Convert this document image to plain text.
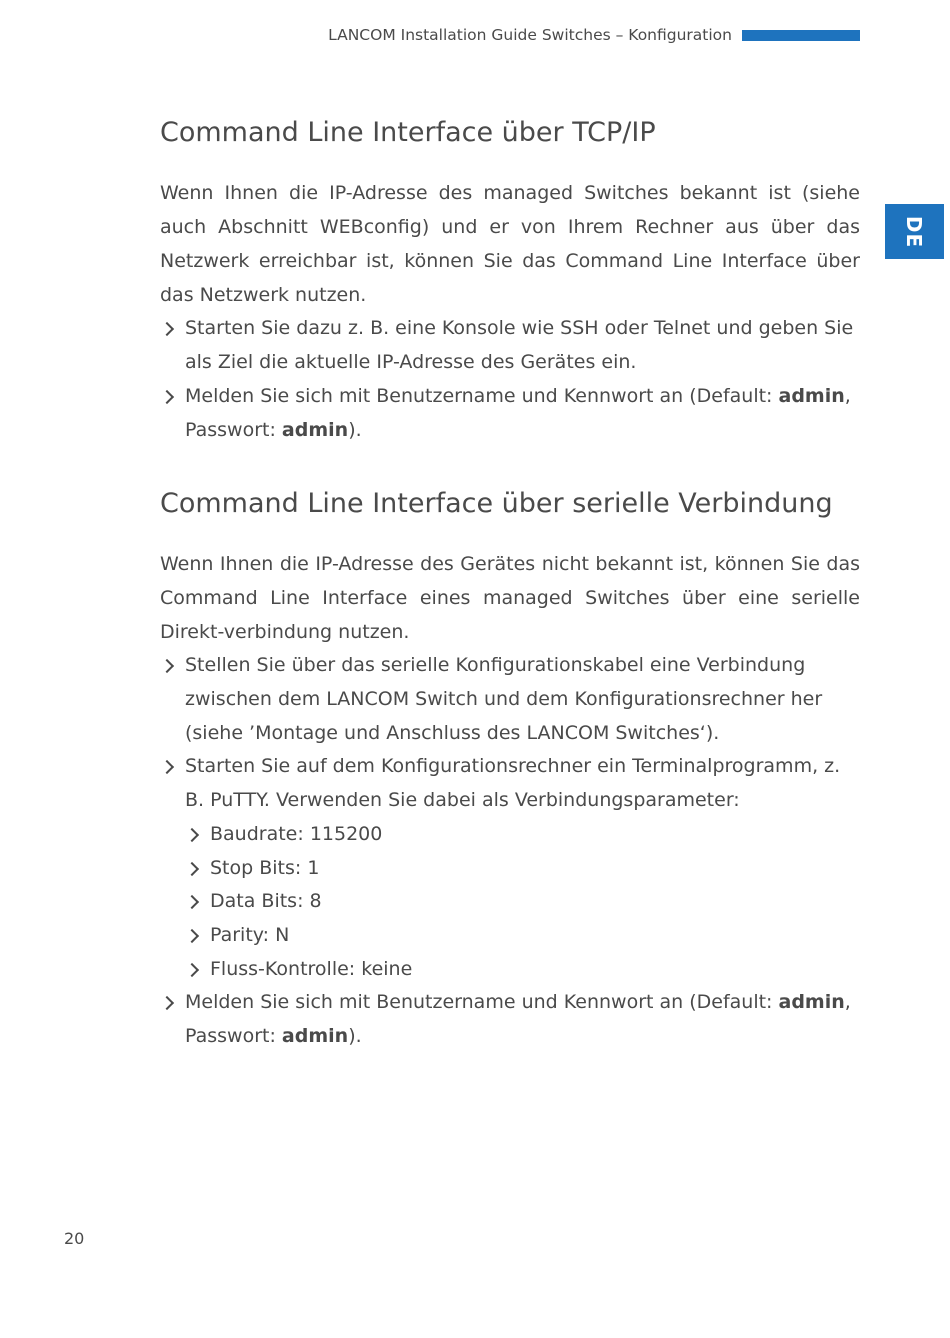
LANCOM Installation Guide Switches – Konfiguration
DE
Command Line Interface über TCP/IP

Wenn Ihnen die IP-Adresse des managed Switches bekannt ist (siehe auch Abschnitt WEBconfig) und er von Ihrem Rechner aus über das Netzwerk erreichbar ist, können Sie das Command Line Interface über das Netzwerk nutzen.

Starten Sie dazu z. B. eine Konsole wie SSH oder Telnet und geben Sie als Ziel die aktuelle IP-Adresse des Gerätes ein.
Melden Sie sich mit Benutzername und Kennwort an (Default: admin, Passwort: admin).
Command Line Interface über serielle Verbindung

Wenn Ihnen die IP-Adresse des Gerätes nicht bekannt ist, können Sie das Command Line Interface eines managed Switches über eine serielle Direkt-verbindung nutzen.

Stellen Sie über das serielle Konfigurationskabel eine Verbindung zwischen dem LANCOM Switch und dem Konfigurationsrechner her (siehe ’Montage und Anschluss des LANCOM Switches‘).
Starten Sie auf dem Konfigurationsrechner ein Terminalprogramm, z. B. PuTTY. Verwenden Sie dabei als Verbindungsparameter:
Baudrate: 115200
Stop Bits: 1
Data Bits: 8
Parity: N
Fluss-Kontrolle: keine
Melden Sie sich mit Benutzername und Kennwort an (Default: admin, Passwort: admin).
20
